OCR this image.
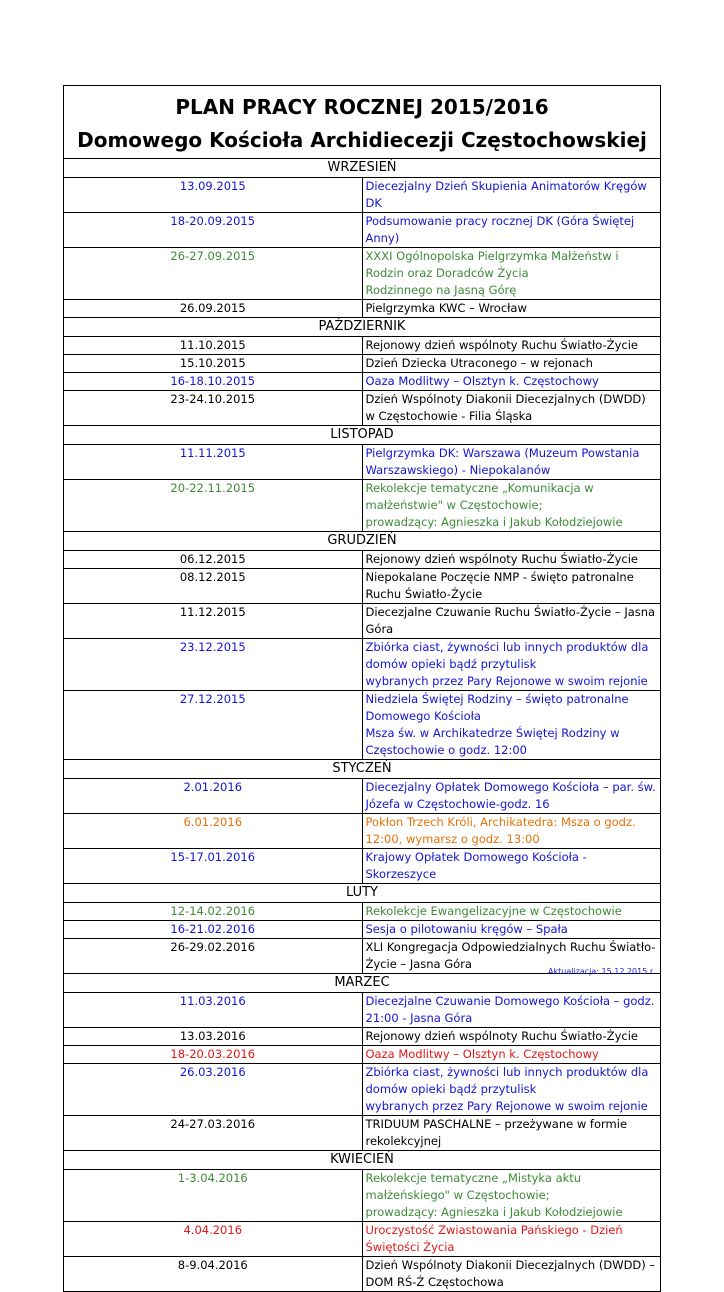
PLAN PRACY ROCZNEJ 2015/2016
Domowego Kościoła Archidiecezji Częstochowskiej	

WRZESIEŃ	
13.09.2015	Diecezjalny Dzień Skupienia Animatorów Kręgów DK
18-20.09.2015	Podsumowanie pracy rocznej DK (Góra Świętej Anny)
26-27.09.2015	XXXI Ogólnopolska Pielgrzymka Małżeństw i Rodzin oraz Doradców Życia
Rodzinnego na Jasną Górę
26.09.2015	Pielgrzymka KWC – Wrocław
PAŹDZIERNIK	
11.10.2015	Rejonowy dzień wspólnoty Ruchu Światło-Życie
15.10.2015	Dzień Dziecka Utraconego – w rejonach
16-18.10.2015	Oaza Modlitwy – Olsztyn k. Częstochowy
23-24.10.2015	Dzień Wspólnoty Diakonii Diecezjalnych (DWDD) w Częstochowie - Filia Śląska
LISTOPAD	
11.11.2015	Pielgrzymka DK: Warszawa (Muzeum Powstania Warszawskiego) - Niepokalanów
20-22.11.2015	Rekolekcje tematyczne „Komunikacja w małżeństwie" w Częstochowie;
prowadzący: Agnieszka i Jakub Kołodziejowie
GRUDZIEŃ	
06.12.2015	Rejonowy dzień wspólnoty Ruchu Światło-Życie
08.12.2015	Niepokalane Poczęcie NMP - święto patronalne Ruchu Światło-Życie
11.12.2015	Diecezjalne Czuwanie Ruchu Światło-Życie – Jasna Góra
23.12.2015	Zbiórka ciast, żywności lub innych produktów dla domów opieki bądź przytulisk
wybranych przez Pary Rejonowe w swoim rejonie
27.12.2015	Niedziela Świętej Rodziny – święto patronalne Domowego Kościoła
Msza św. w Archikatedrze Świętej Rodziny w Częstochowie o godz. 12:00
STYCZEŃ	
2.01.2016	Diecezjalny Opłatek Domowego Kościoła – par. św. Józefa w Częstochowie-godz. 16
6.01.2016	Pokłon Trzech Króli, Archikatedra: Msza o godz. 12:00, wymarsz o godz. 13:00
15-17.01.2016	Krajowy Opłatek Domowego Kościoła - Skorzeszyce
LUTY	
12-14.02.2016	Rekolekcje Ewangelizacyjne w Częstochowie
16-21.02.2016	Sesja o pilotowaniu kręgów – Spała
26-29.02.2016	XLI Kongregacja Odpowiedzialnych Ruchu Światło-Życie – Jasna Góra
MARZEC	
11.03.2016	Diecezjalne Czuwanie Domowego Kościoła – godz. 21:00 - Jasna Góra
13.03.2016	Rejonowy dzień wspólnoty Ruchu Światło-Życie
18-20.03.2016	Oaza Modlitwy – Olsztyn k. Częstochowy
26.03.2016	Zbiórka ciast, żywności lub innych produktów dla domów opieki bądź przytulisk
wybranych przez Pary Rejonowe w swoim rejonie
24-27.03.2016	TRIDUUM PASCHALNE – przeżywane w formie rekolekcyjnej
KWIECIEŃ	
1-3.04.2016	Rekolekcje tematyczne „Mistyka aktu małżeńskiego" w Częstochowie;
prowadzący: Agnieszka i Jakub Kołodziejowie
4.04.2016	Uroczystość Zwiastowania Pańskiego - Dzień Świętości Życia
8-9.04.2016	Dzień Wspólnoty Diakonii Diecezjalnych (DWDD) – DOM RŚ-Ż Częstochowa
Aktualizacja: 15.12.2015 r.
